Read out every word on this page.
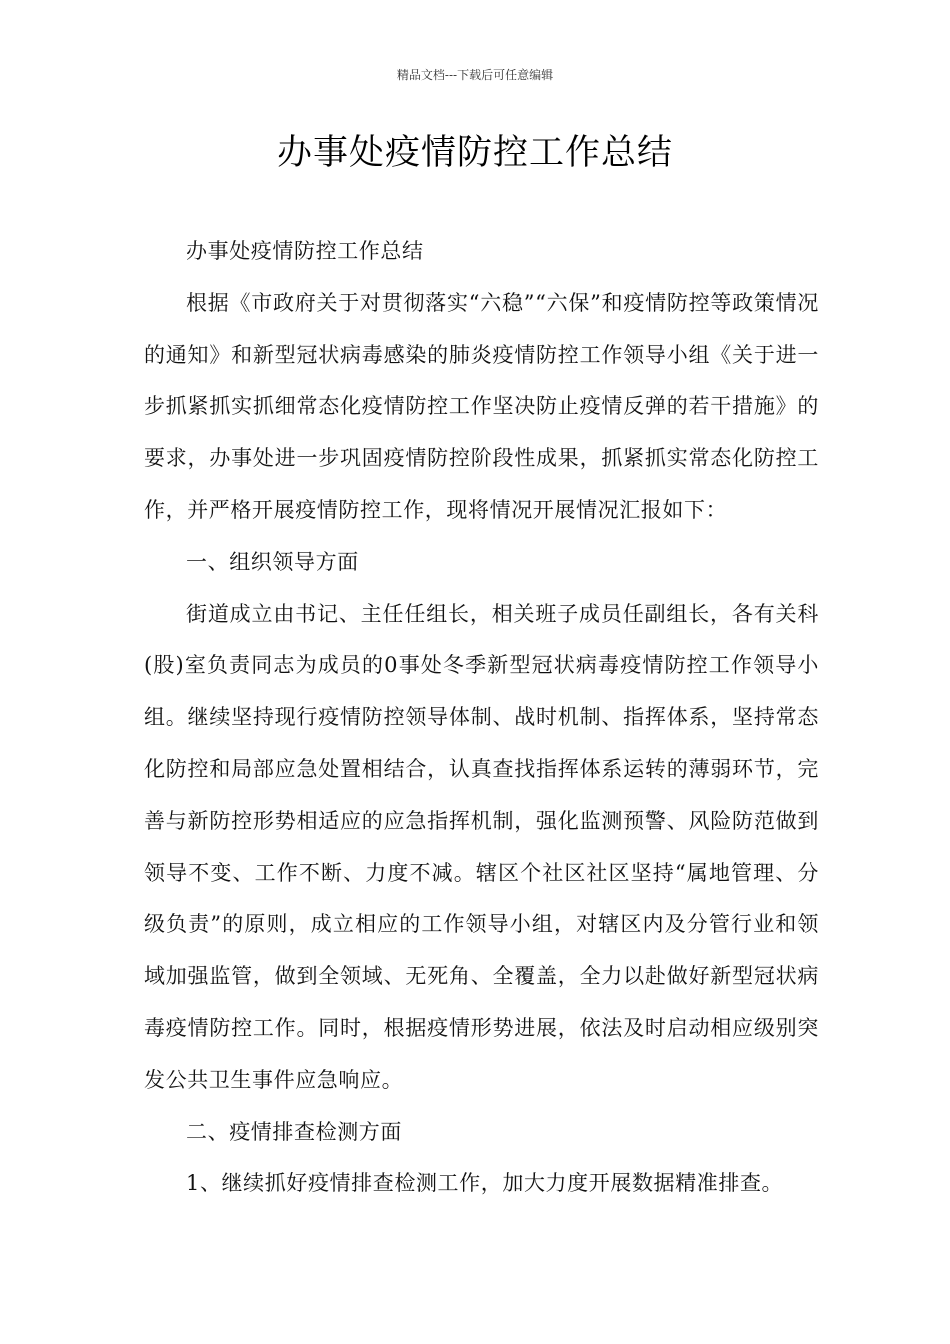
精品文档---下载后可任意编辑
办事处疫情防控工作总结

办事处疫情防控工作总结

根据《市政府关于对贯彻落实“六稳”“六保”和疫情防控等政策情况的通知》和新型冠状病毒感染的肺炎疫情防控工作领导小组《关于进一步抓紧抓实抓细常态化疫情防控工作坚决防止疫情反弹的若干措施》的要求，办事处进一步巩固疫情防控阶段性成果，抓紧抓实常态化防控工作，并严格开展疫情防控工作，现将情况开展情况汇报如下：

一、组织领导方面

街道成立由书记、主任任组长，相关班子成员任副组长，各有关科(股)室负责同志为成员的0事处冬季新型冠状病毒疫情防控工作领导小组。继续坚持现行疫情防控领导体制、战时机制、指挥体系，坚持常态化防控和局部应急处置相结合，认真查找指挥体系运转的薄弱环节，完善与新防控形势相适应的应急指挥机制，强化监测预警、风险防范做到领导不变、工作不断、力度不减。辖区个社区社区坚持“属地管理、分级负责”的原则，成立相应的工作领导小组，对辖区内及分管行业和领域加强监管，做到全领域、无死角、全覆盖，全力以赴做好新型冠状病毒疫情防控工作。同时，根据疫情形势进展，依法及时启动相应级别突发公共卫生事件应急响应。

二、疫情排查检测方面

1、继续抓好疫情排查检测工作，加大力度开展数据精准排查。
